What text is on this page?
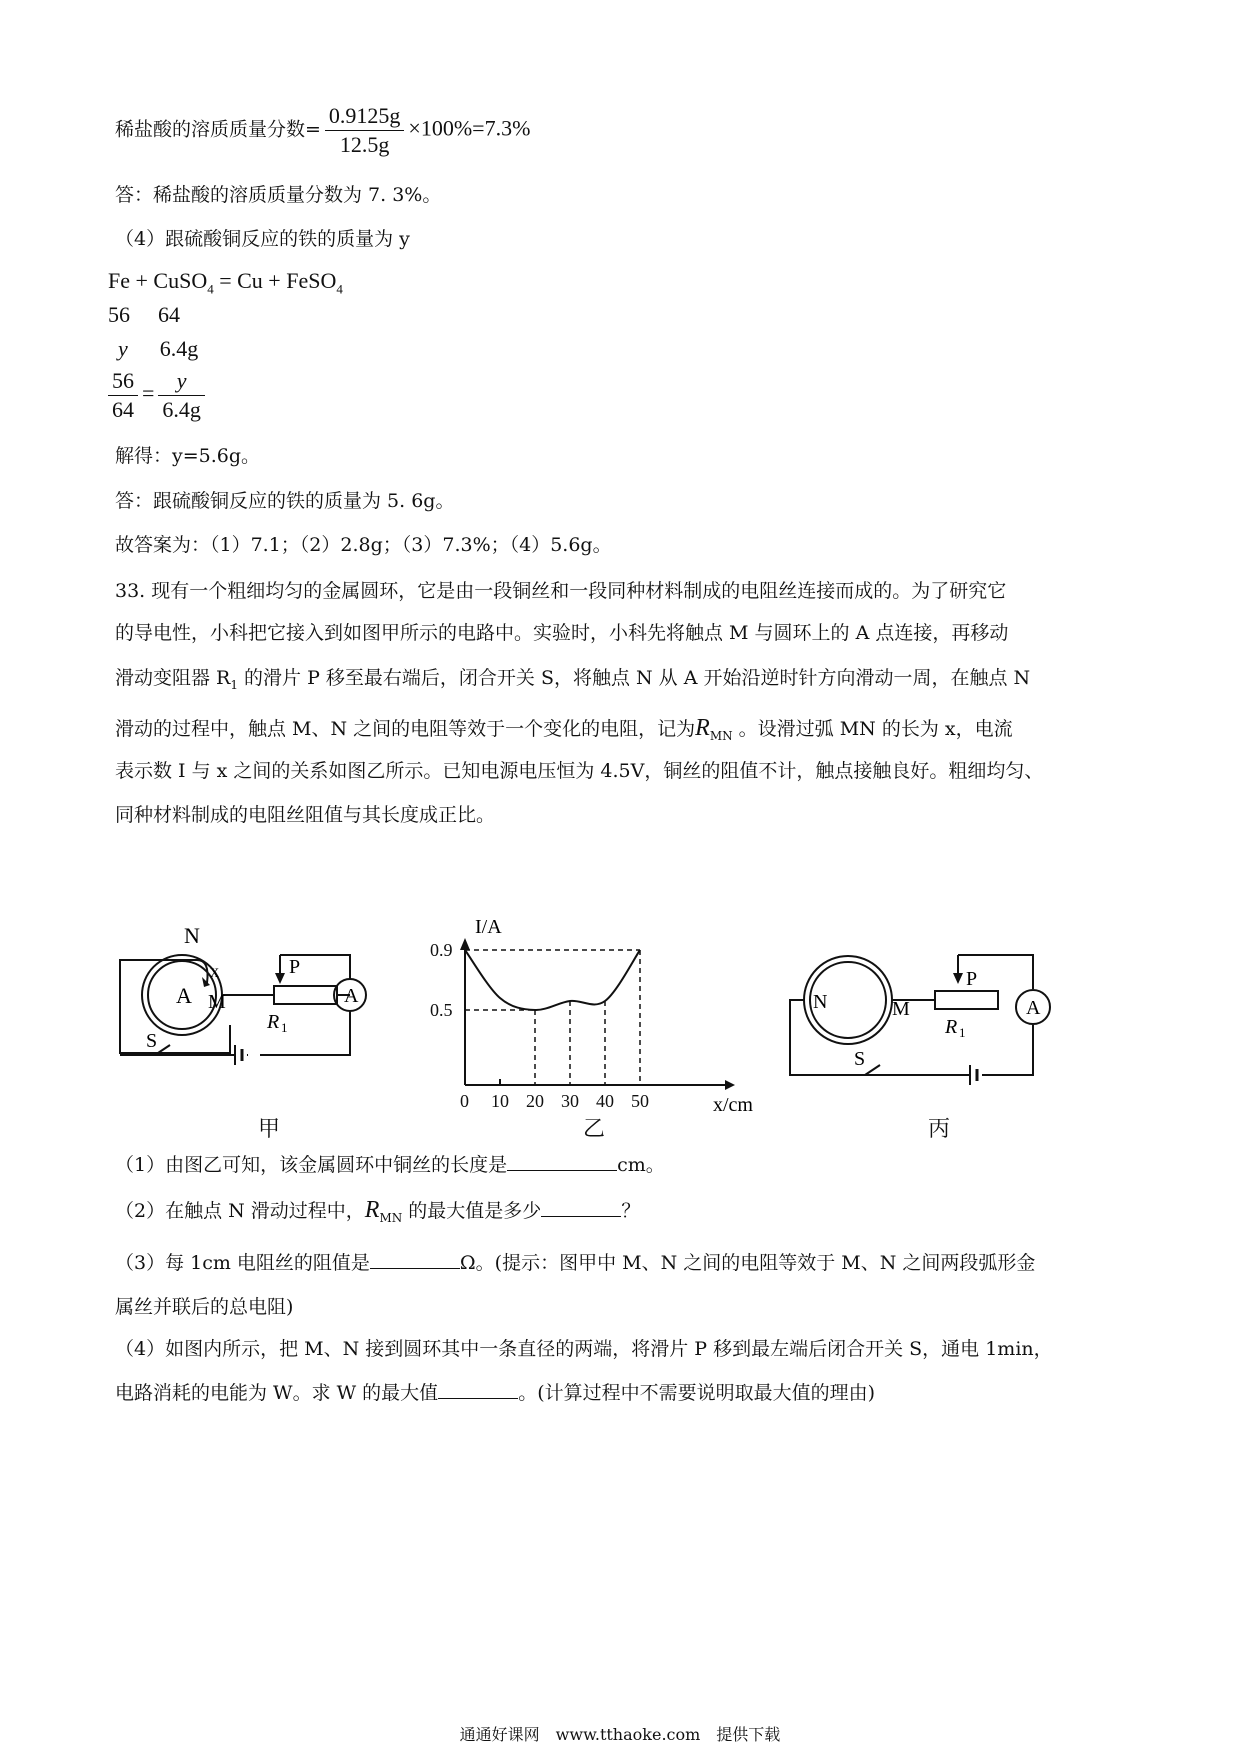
稀盐酸的溶质质量分数= $\frac{0.9125g}{12.5g} \times 100\%=7.3\%$
答：稀盐酸的溶质质量分数为 7. 3%。
（4）跟硫酸铜反应的铁的质量为 y
Fe + CuSO$_4$ = Cu + FeSO$_4$
56 64
y 6.4g
$\frac{56}{64} = \frac{y}{6.4g}$
解得：y=5.6g。
答：跟硫酸铜反应的铁的质量为 5. 6g。
故答案为：（1）7.1；（2）2.8g；（3）7.3%；（4）5.6g。
33. 现有一个粗细均匀的金属圆环，它是由一段铜丝和一段同种材料制成的电阻丝连接而成的。为了研究它
的导电性，小科把它接入到如图甲所示的电路中。实验时，小科先将触点 M 与圆环上的 A 点连接，再移动
滑动变阻器 $R_1$ 的滑片 P 移至最右端后，闭合开关 S，将触点 N 从 A 开始沿逆时针方向滑动一周，在触点 N
滑动的过程中，触点 M、N 之间的电阻等效于一个变化的电阻，记为$R_{MN}$ 。设滑过弧 MN 的长为 x，电流
表示数 I 与 x 之间的关系如图乙所示。已知电源电压恒为 4.5V，铜丝的阻值不计，触点接触良好。粗细均匀、
同种材料制成的电阻丝阻值与其长度成正比。
N
A
x
M
P
R 1
A
S
0 10 20 30 40 50
0.5
0.9
I/A
x/cm
N	M
P
R 1
A
S
甲	乙	丙
（1）由图乙可知，该金属圆环中铜丝的长度是	cm。
（2）在触点 N 滑动过程中，$R_{MN}$ 的最大值是多少	？
（3）每 1cm 电阻丝的阻值是	Ω。(提示：图甲中 M、N 之间的电阻等效于 M、N 之间两段弧形金
属丝并联后的总电阻)
（4）如图内所示，把 M、N 接到圆环其中一条直径的两端，将滑片 P 移到最左端后闭合开关 S，通电 1min，
电路消耗的电能为 W。求 W 的最大值	。(计算过程中不需要说明取最大值的理由)
通通好课网　www.tthaoke.com　提供下载
